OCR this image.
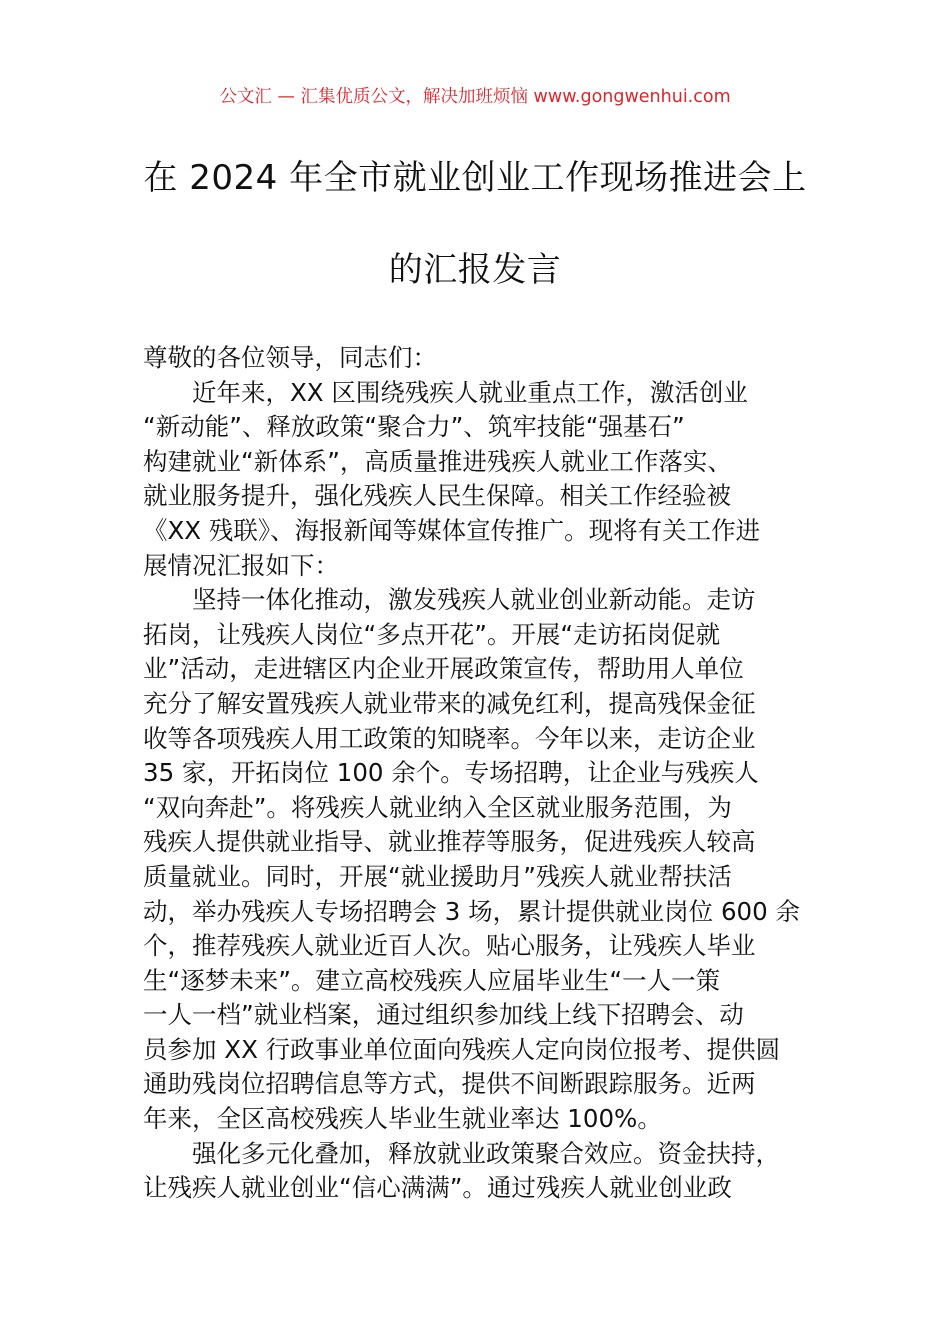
公文汇 — 汇集优质公文，解决加班烦恼 www.gongwenhui.com
在 2024 年全市就业创业工作现场推进会上
的汇报发言
尊敬的各位领导，同志们：
近年来，XX 区围绕残疾人就业重点工作，激活创业
“新动能”、释放政策“聚合力”、筑牢技能“强基石”
构建就业“新体系”，高质量推进残疾人就业工作落实、
就业服务提升，强化残疾人民生保障。相关工作经验被
《XX 残联》、海报新闻等媒体宣传推广。现将有关工作进
展情况汇报如下：
坚持一体化推动，激发残疾人就业创业新动能。走访
拓岗，让残疾人岗位“多点开花”。开展“走访拓岗促就
业”活动，走进辖区内企业开展政策宣传，帮助用人单位
充分了解安置残疾人就业带来的减免红利，提高残保金征
收等各项残疾人用工政策的知晓率。今年以来，走访企业
35 家，开拓岗位 100 余个。专场招聘，让企业与残疾人
“双向奔赴”。将残疾人就业纳入全区就业服务范围，为
残疾人提供就业指导、就业推荐等服务，促进残疾人较高
质量就业。同时，开展“就业援助月”残疾人就业帮扶活
动，举办残疾人专场招聘会 3 场，累计提供就业岗位 600 余
个，推荐残疾人就业近百人次。贴心服务，让残疾人毕业
生“逐梦未来”。建立高校残疾人应届毕业生“一人一策
一人一档”就业档案，通过组织参加线上线下招聘会、动
员参加 XX 行政事业单位面向残疾人定向岗位报考、提供圆
通助残岗位招聘信息等方式，提供不间断跟踪服务。近两
年来，全区高校残疾人毕业生就业率达 100%。
强化多元化叠加，释放就业政策聚合效应。资金扶持，
让残疾人就业创业“信心满满”。通过残疾人就业创业政
